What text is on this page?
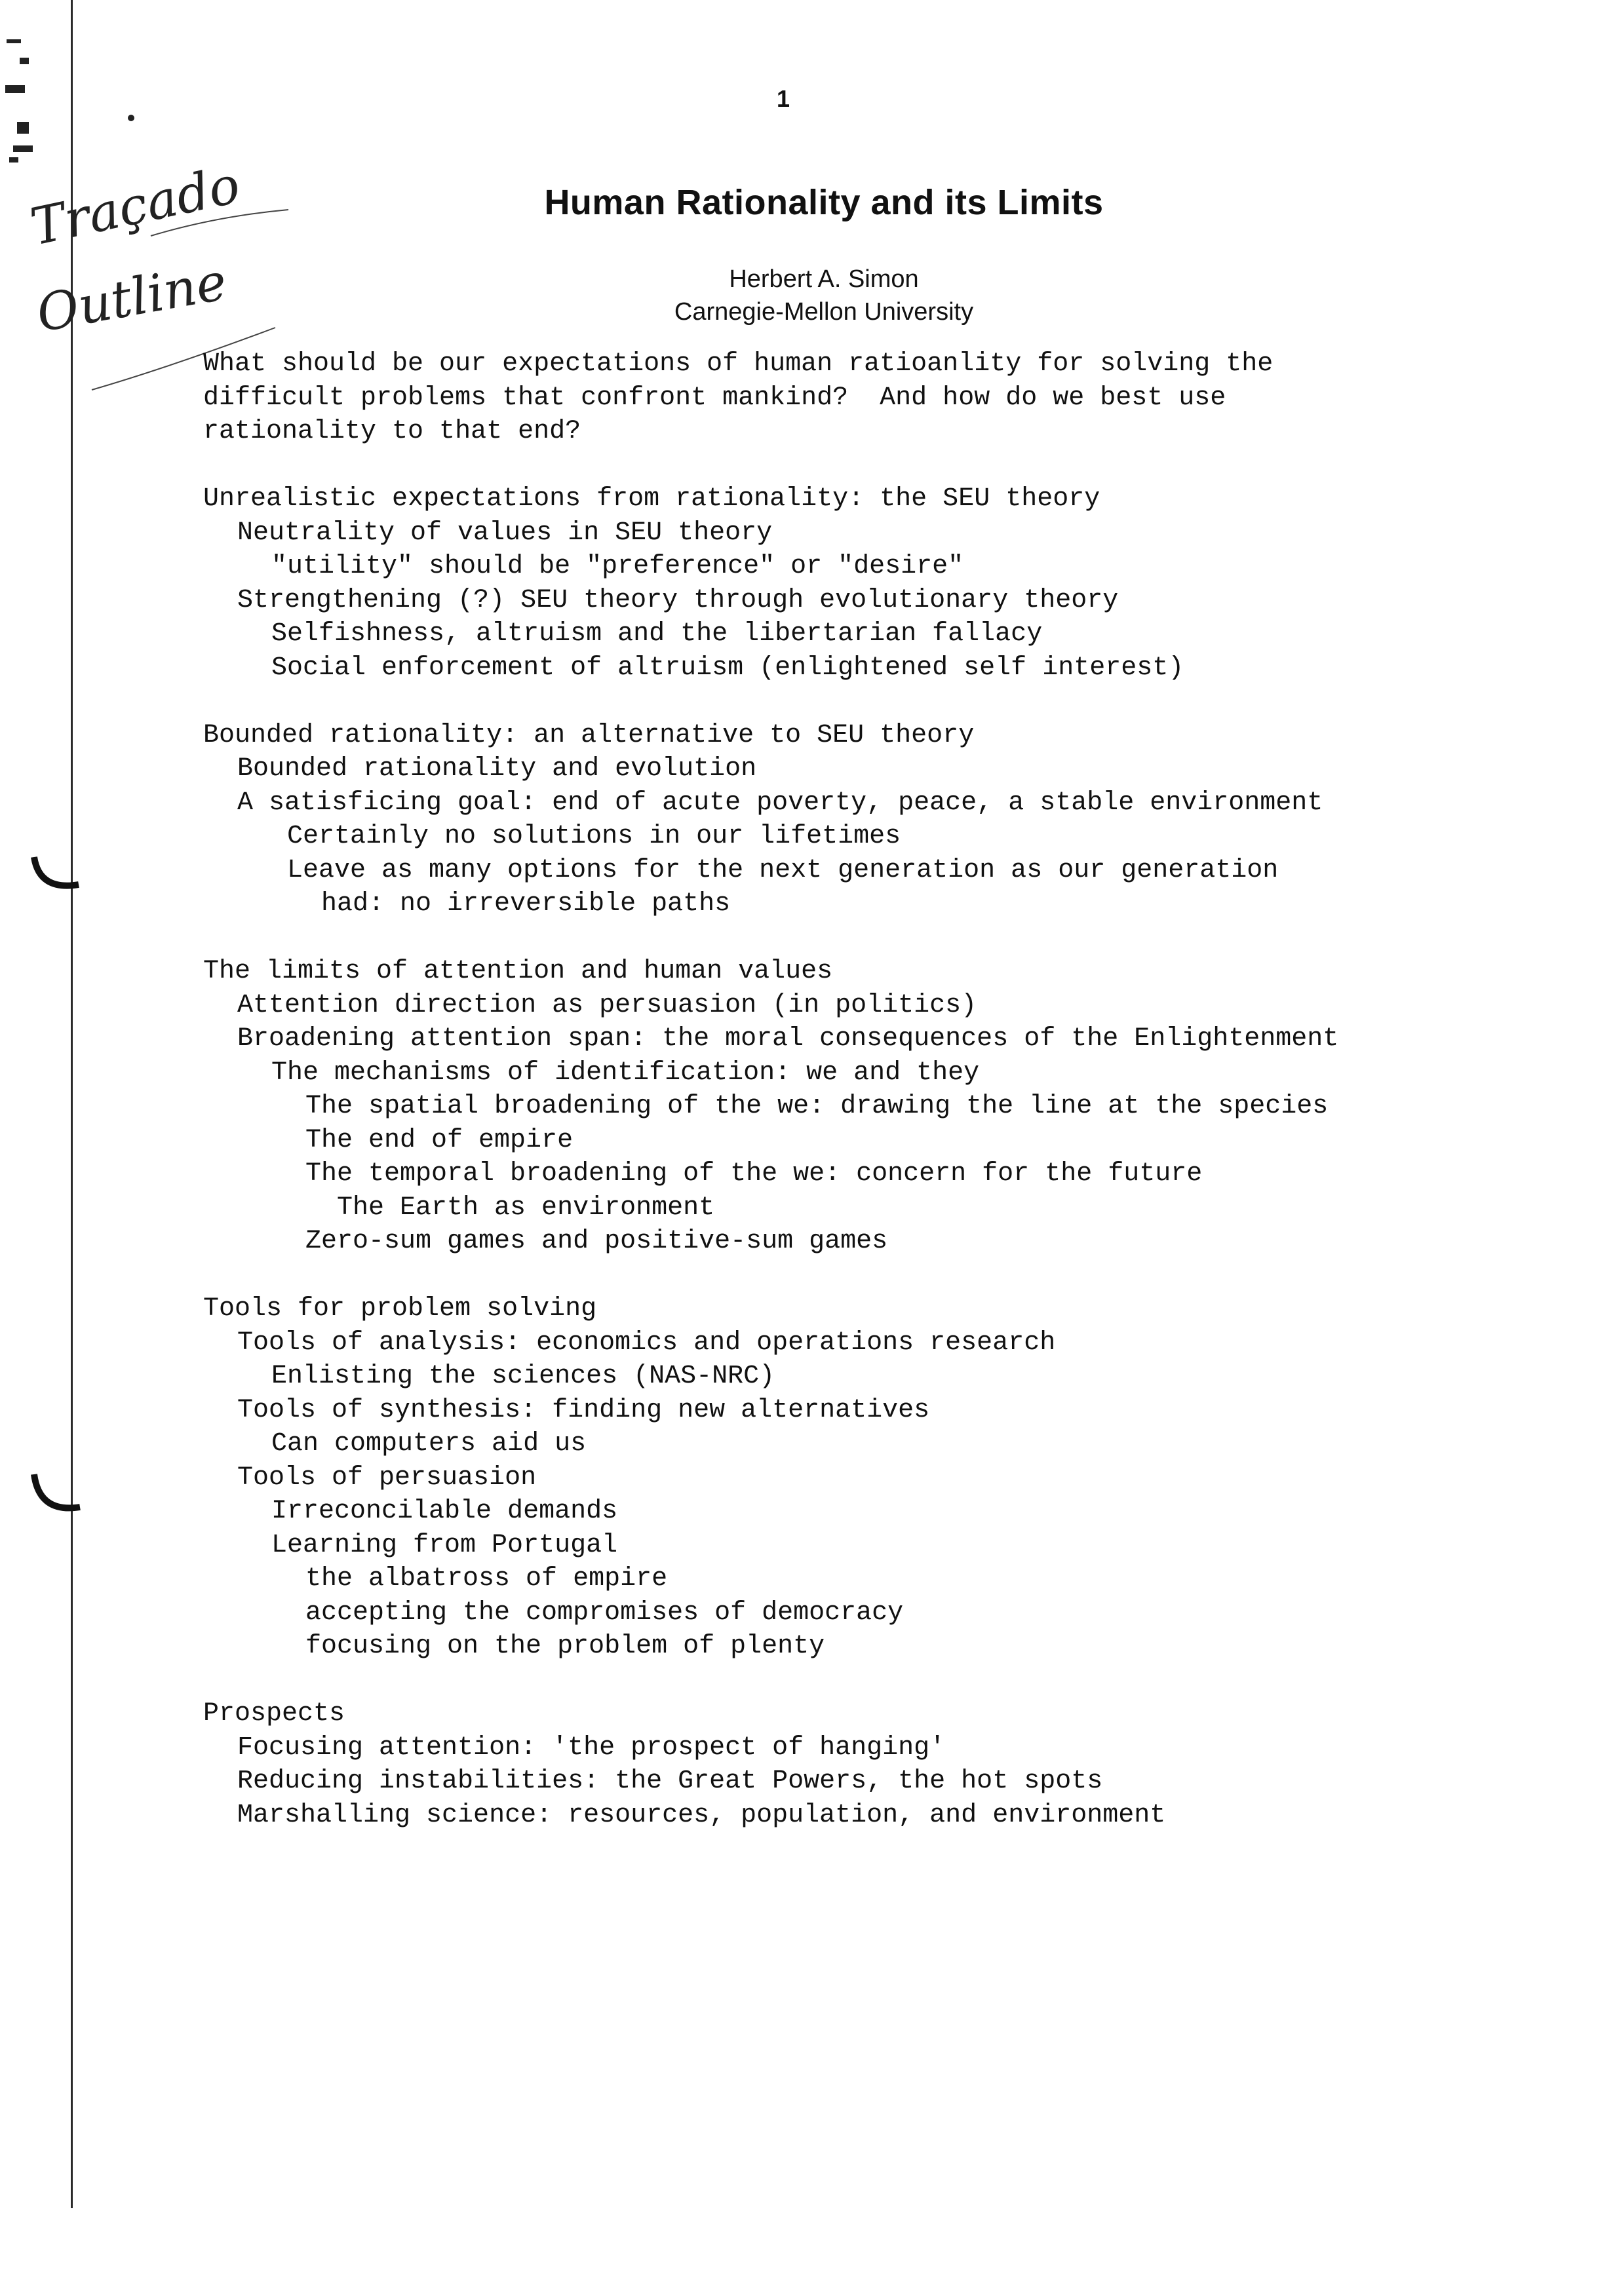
Traçado
Outline
1
Human Rationality and its Limits
Herbert A. Simon
Carnegie-Mellon University
What should be our expectations of human ratioanlity for solving the
difficult problems that confront mankind?  And how do we best use
rationality to that end?
Unrealistic expectations from rationality: the SEU theory
Neutrality of values in SEU theory
"utility" should be "preference" or "desire"
Strengthening (?) SEU theory through evolutionary theory
Selfishness, altruism and the libertarian fallacy
Social enforcement of altruism (enlightened self interest)
Bounded rationality: an alternative to SEU theory
Bounded rationality and evolution
A satisficing goal: end of acute poverty, peace, a stable environment
Certainly no solutions in our lifetimes
Leave as many options for the next generation as our generation
had: no irreversible paths
The limits of attention and human values
Attention direction as persuasion (in politics)
Broadening attention span: the moral consequences of the Enlightenment
The mechanisms of identification: we and they
The spatial broadening of the we: drawing the line at the species
The end of empire
The temporal broadening of the we: concern for the future
The Earth as environment
Zero-sum games and positive-sum games
Tools for problem solving
Tools of analysis: economics and operations research
Enlisting the sciences (NAS-NRC)
Tools of synthesis: finding new alternatives
Can computers aid us
Tools of persuasion
Irreconcilable demands
Learning from Portugal
the albatross of empire
accepting the compromises of democracy
focusing on the problem of plenty
Prospects
Focusing attention: 'the prospect of hanging'
Reducing instabilities: the Great Powers, the hot spots
Marshalling science: resources, population, and environment
